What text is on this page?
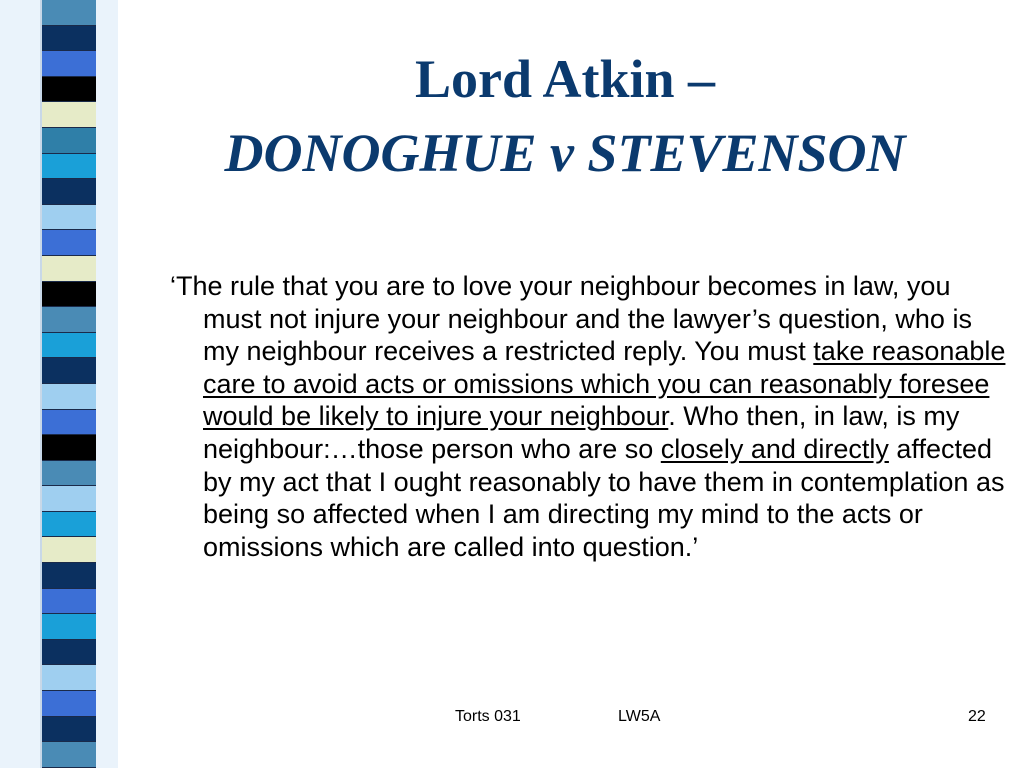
Lord Atkin –
DONOGHUE v STEVENSON

‘The rule that you are to love your neighbour becomes in law, you must not injure your neighbour and the lawyer’s question, who is my neighbour receives a restricted reply. You must take reasonable care to avoid acts or omissions which you can reasonably foresee would be likely to injure your neighbour. Who then, in law, is my neighbour:…those person who are so closely and directly affected by my act that I ought reasonably to have them in contemplation as being so affected when I am directing my mind to the acts or omissions which are called into question.’

Torts 031	LW5A	22
